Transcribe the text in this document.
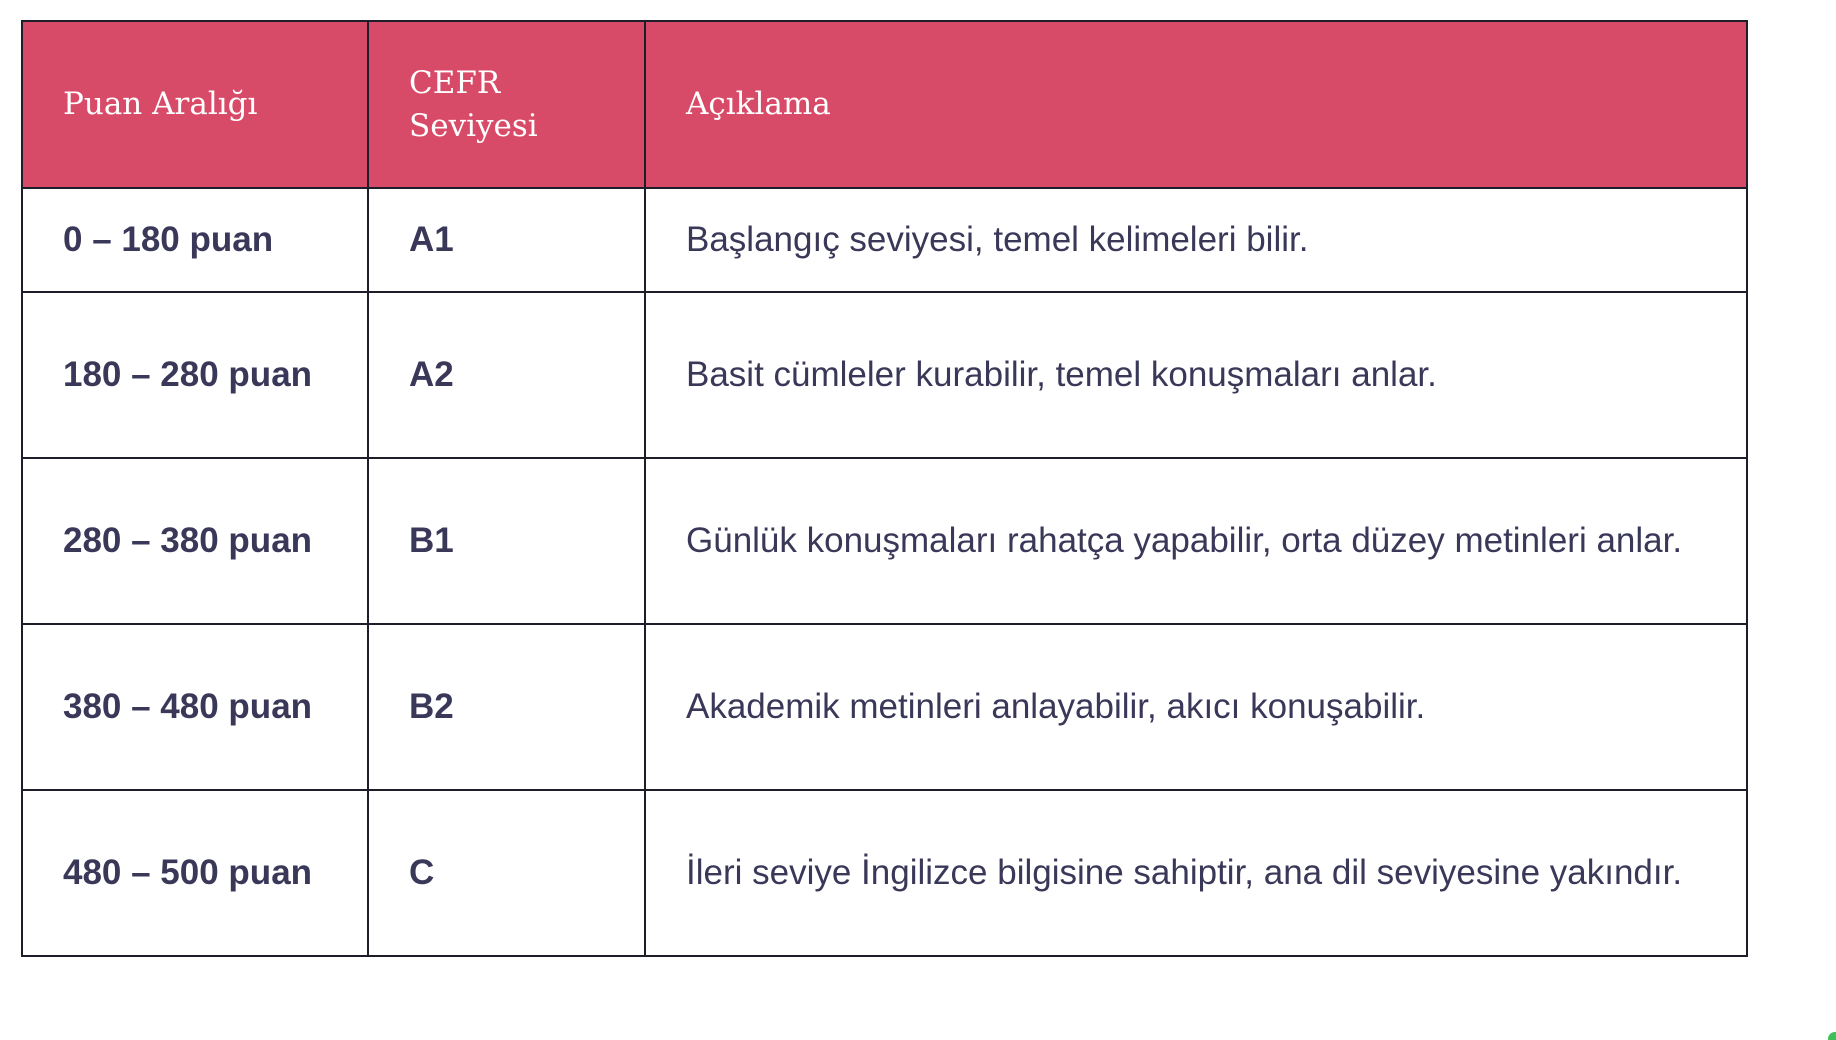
Puan Aralığı	CEFR Seviyesi	Açıklama
0 – 180 puan	A1	Başlangıç seviyesi, temel kelimeleri bilir.
180 – 280 puan	A2	Basit cümleler kurabilir, temel konuşmaları anlar.
280 – 380 puan	B1	Günlük konuşmaları rahatça yapabilir, orta düzey metinleri anlar.
380 – 480 puan	B2	Akademik metinleri anlayabilir, akıcı konuşabilir.
480 – 500 puan	C	İleri seviye İngilizce bilgisine sahiptir, ana dil seviyesine yakındır.
